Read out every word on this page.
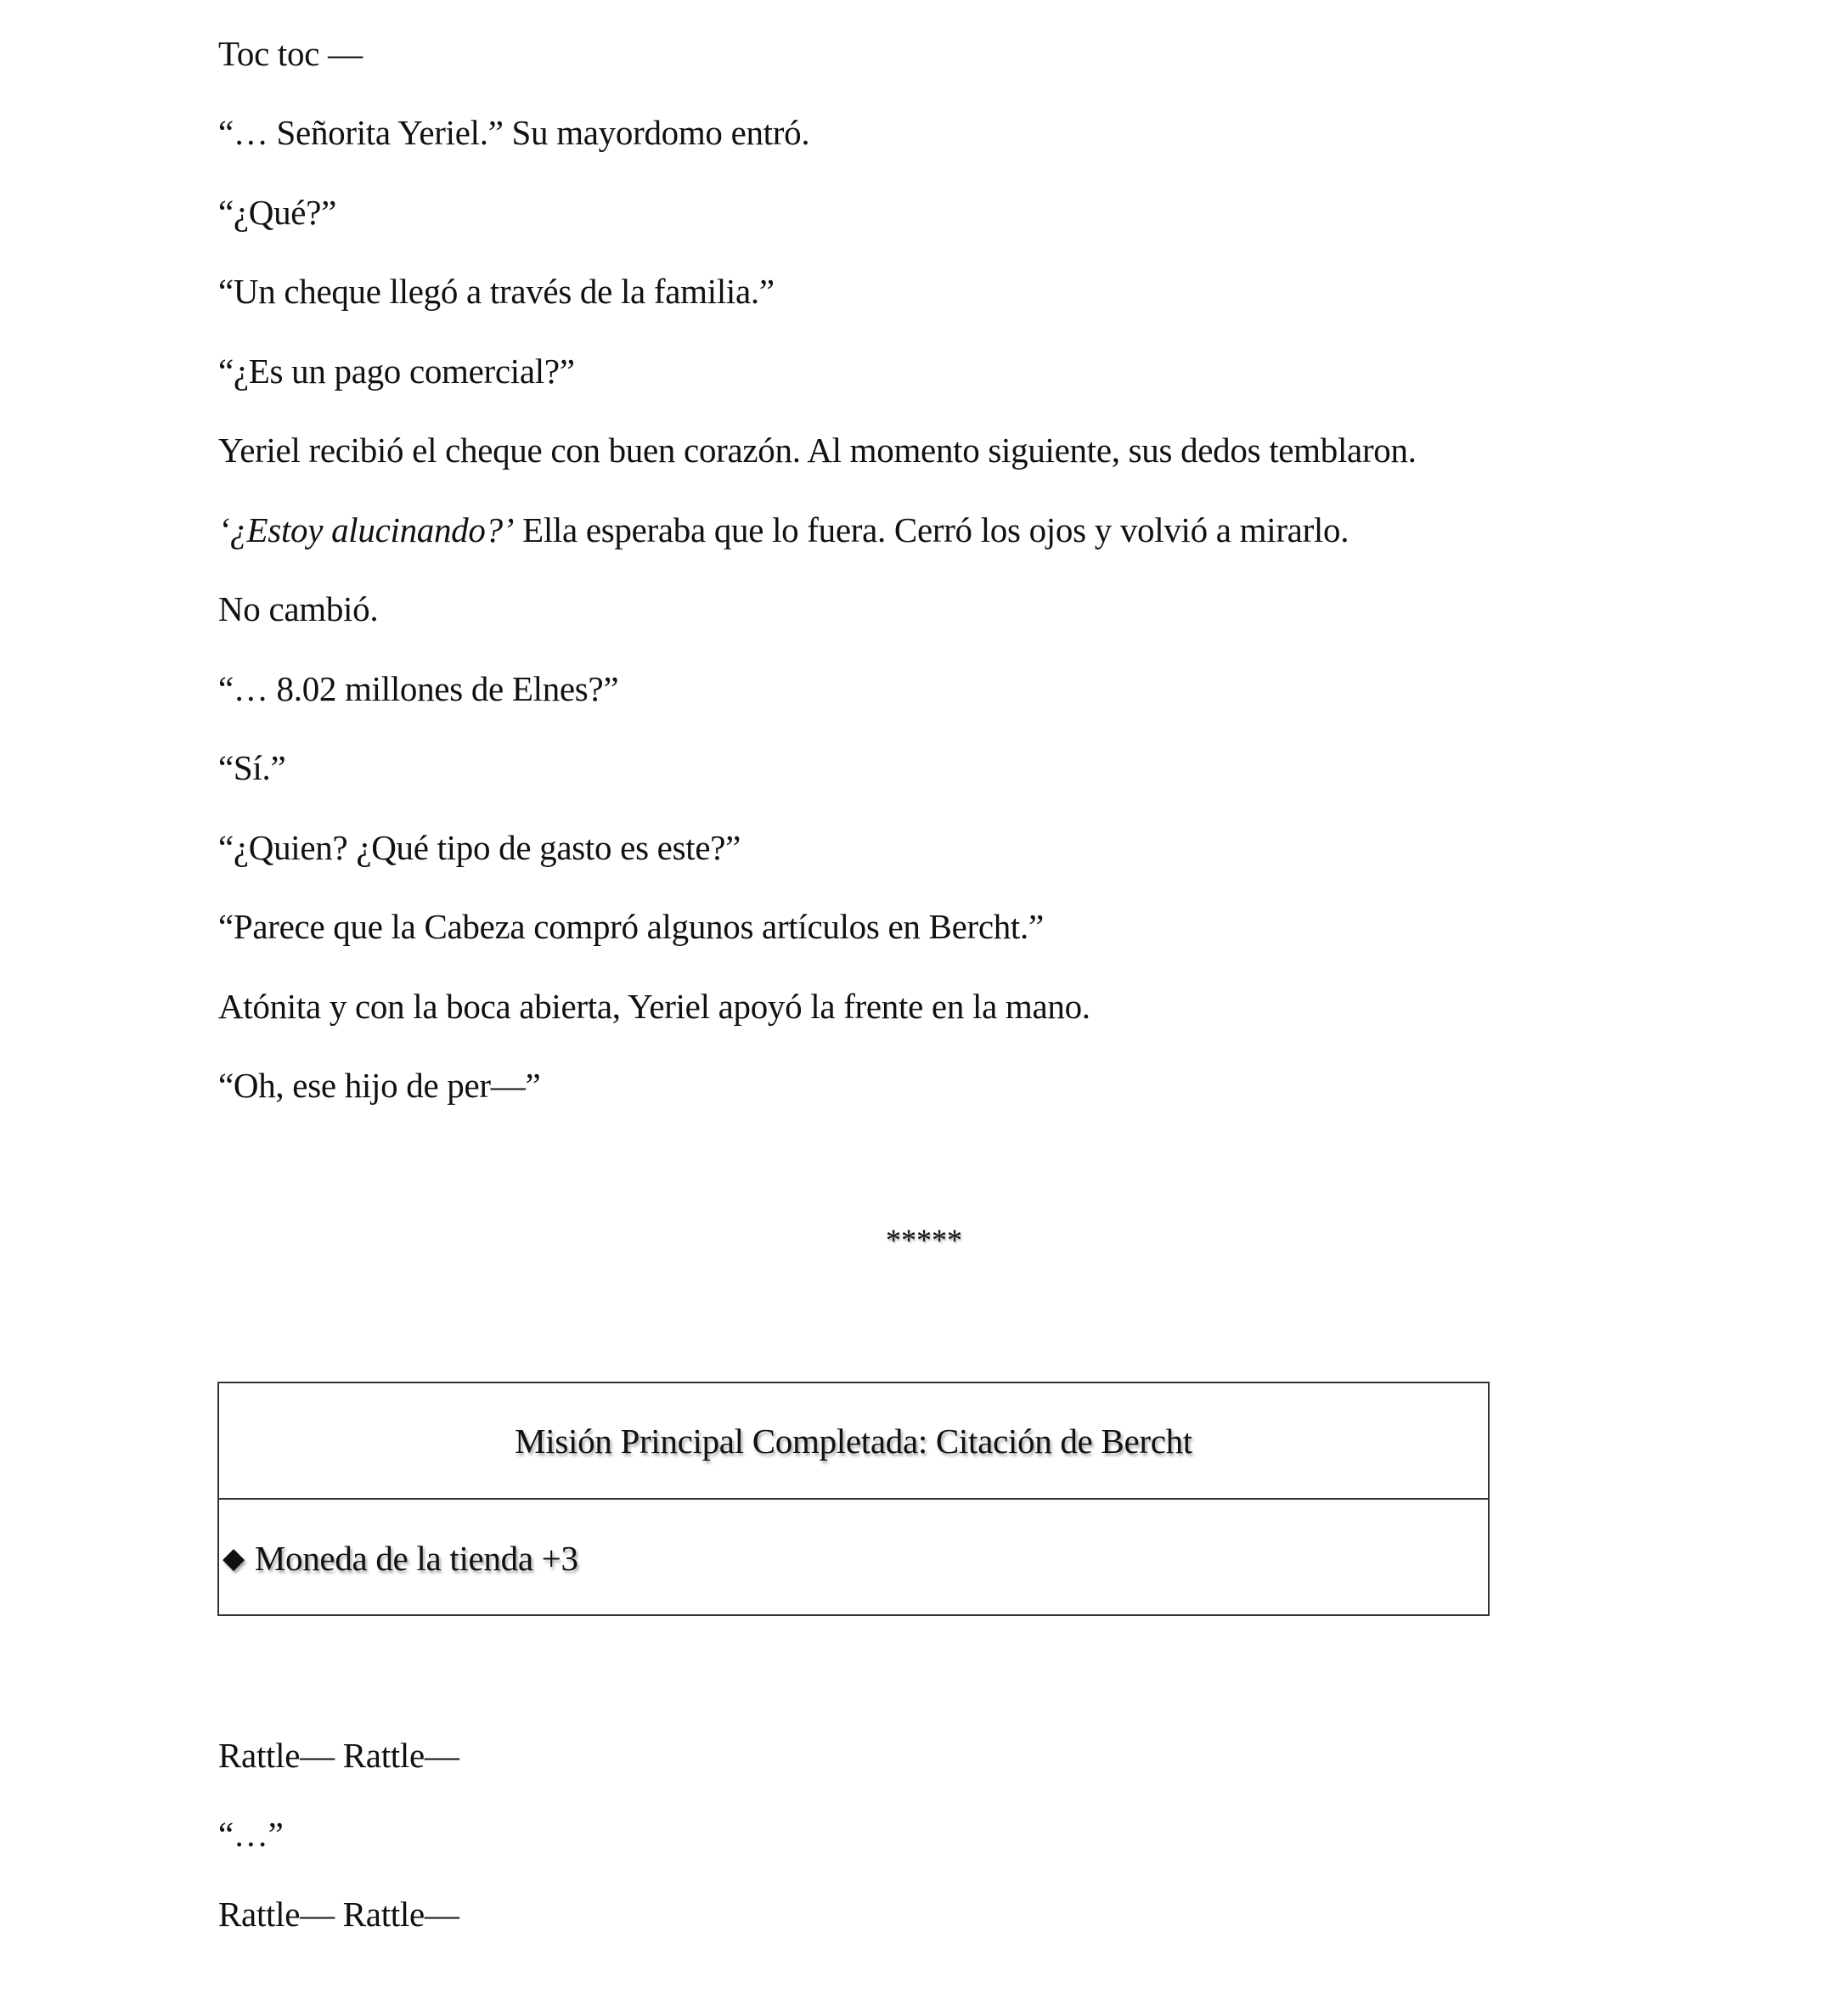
Toc toc —

“… Señorita Yeriel.” Su mayordomo entró.

“¿Qué?”

“Un cheque llegó a través de la familia.”

“¿Es un pago comercial?”

Yeriel recibió el cheque con buen corazón. Al momento siguiente, sus dedos temblaron.

‘¿Estoy alucinando?’ Ella esperaba que lo fuera. Cerró los ojos y volvió a mirarlo.

No cambió.

“… 8.02 millones de Elnes?”

“Sí.”

“¿Quien? ¿Qué tipo de gasto es este?”

“Parece que la Cabeza compró algunos artículos en Bercht.”

Atónita y con la boca abierta, Yeriel apoyó la frente en la mano.

“Oh, ese hijo de per—”

*****
Misión Principal Completada: Citación de Bercht
◆ Moneda de la tienda +3

Rattle— Rattle—

“…”

Rattle— Rattle—
